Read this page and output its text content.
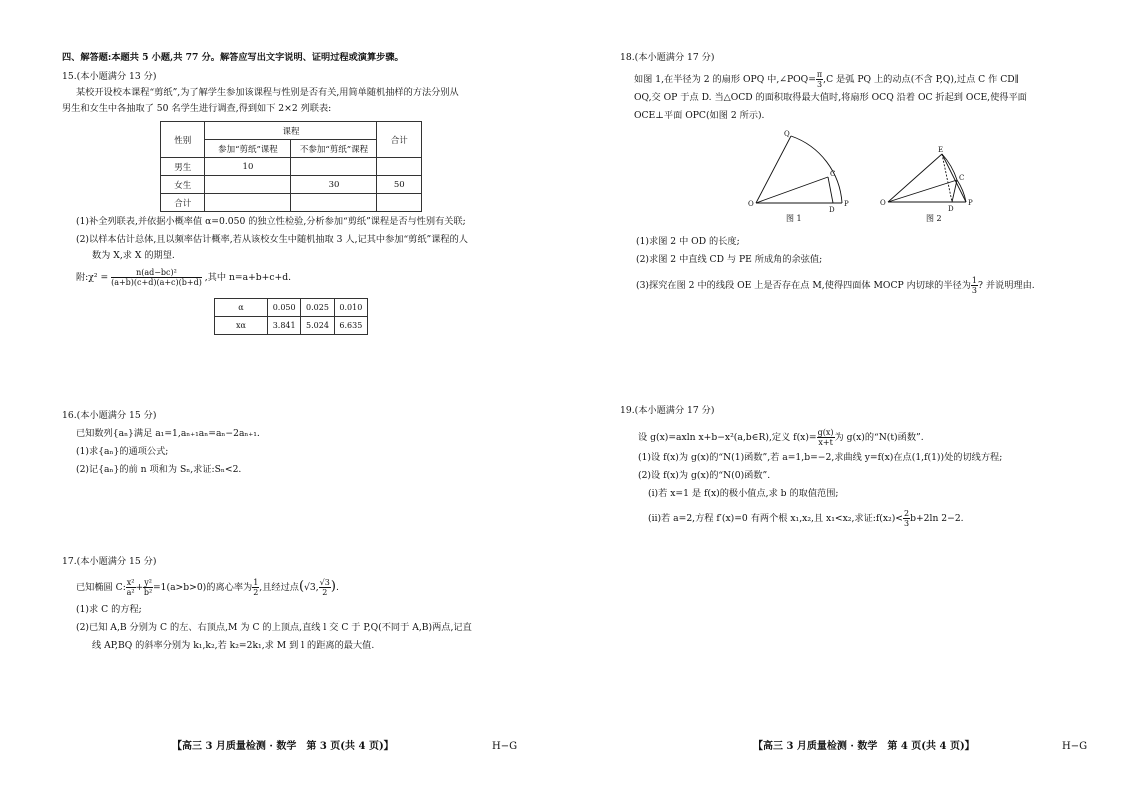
四、解答题:本题共 5 小题,共 77 分。解答应写出文字说明、证明过程或演算步骤。
15.(本小题满分 13 分)
某校开设校本课程“剪纸”,为了解学生参加该课程与性别是否有关,用简单随机抽样的方法分别从
男生和女生中各抽取了 50 名学生进行调查,得到如下 2×2 列联表:
性别	课程		合计
	参加“剪纸”课程	不参加“剪纸”课程	
男生	10		
女生		30	50
合计			
(1)补全列联表,并依据小概率值 α=0.050 的独立性检验,分析参加“剪纸”课程是否与性别有关联;
(2)以样本估计总体,且以频率估计概率,若从该校女生中随机抽取 3 人,记其中参加“剪纸”课程的人
数为 X,求 X 的期望.
附:χ² = $\frac{\text{n(ad−bc)²}}{(a+b)(c+d)(a+c)(b+d)}$ ,其中 n=a+b+c+d.
α	0.050	0.025	0.010
xα	3.841	5.024	6.635
16.(本小题满分 15 分)
已知数列{aₙ}满足 a₁=1,aₙ₊₁aₙ=aₙ−2aₙ₊₁.
(1)求{aₙ}的通项公式;
(2)记{aₙ}的前 n 项和为 Sₙ,求证:Sₙ<2.
17.(本小题满分 15 分)
已知椭圆 C: $\frac{\text{x²}}{\text{a²}} + \frac{\text{y²}}{\text{b²}} =1(a>b>0)$的离心率为 $\frac{1}{2}$ ,且经过点(√3, $\frac{√3}{2}$ ).
(1)求 C 的方程;
(2)已知 A,B 分别为 C 的左、右顶点,M 为 C 的上顶点,直线 l 交 C 于 P,Q(不同于 A,B)两点,记直
线 AP,BQ 的斜率分别为 k₁,k₂,若 k₂=2k₁,求 M 到 l 的距离的最大值.
【高三 3 月质量检测 · 数学　第 3 页(共 4 页)】	H−G
18.(本小题满分 17 分)
如图 1,在半径为 2 的扇形 OPQ 中,∠POQ= $\frac{\pi}{3} ,C$ 是弧 PQ 上的动点(不含 P,Q),过点 C 作 CD∥
OQ,交 OP 于点 D. 当△OCD 的面积取得最大值时,将扇形 OCQ 沿着 OC 折起到 OCE,使得平面
OCE⊥平面 OPC(如图 2 所示).
O	P
Q
C
D
图 1
O	P
E
C
D
图 2
(1)求图 2 中 OD 的长度;
(2)求图 2 中直线 CD 与 PE 所成角的余弦值;
(3)探究在图 2 中的线段 OE 上是否存在点 M,使得四面体 MOCP 内切球的半径为 $\frac{1}{3}$ ? 并说明理由.
19.(本小题满分 17 分)
设 g(x)=axln x+b−x²(a,b∈R),定义 $f(x)= \frac{g(x)}{x+t}$ 为 g(x)的“N(t)函数”.
(1)设 f(x)为 g(x)的“N(1)函数”,若 a=1,b=−2,求曲线 y=f(x)在点(1,f(1))处的切线方程;
(2)设 f(x)为 g(x)的“N(0)函数”.
(ⅰ)若 x=1 是 f(x)的极小值点,求 b 的取值范围;
(ⅱ)若 a=2,方程 f′(x)=0 有两个根 x₁,x₂,且 x₁<x₂,求证:f(x₂)< $\frac{2}{3} b+2\ln$ 2−2.
【高三 3 月质量检测 · 数学　第 4 页(共 4 页)】	H−G
